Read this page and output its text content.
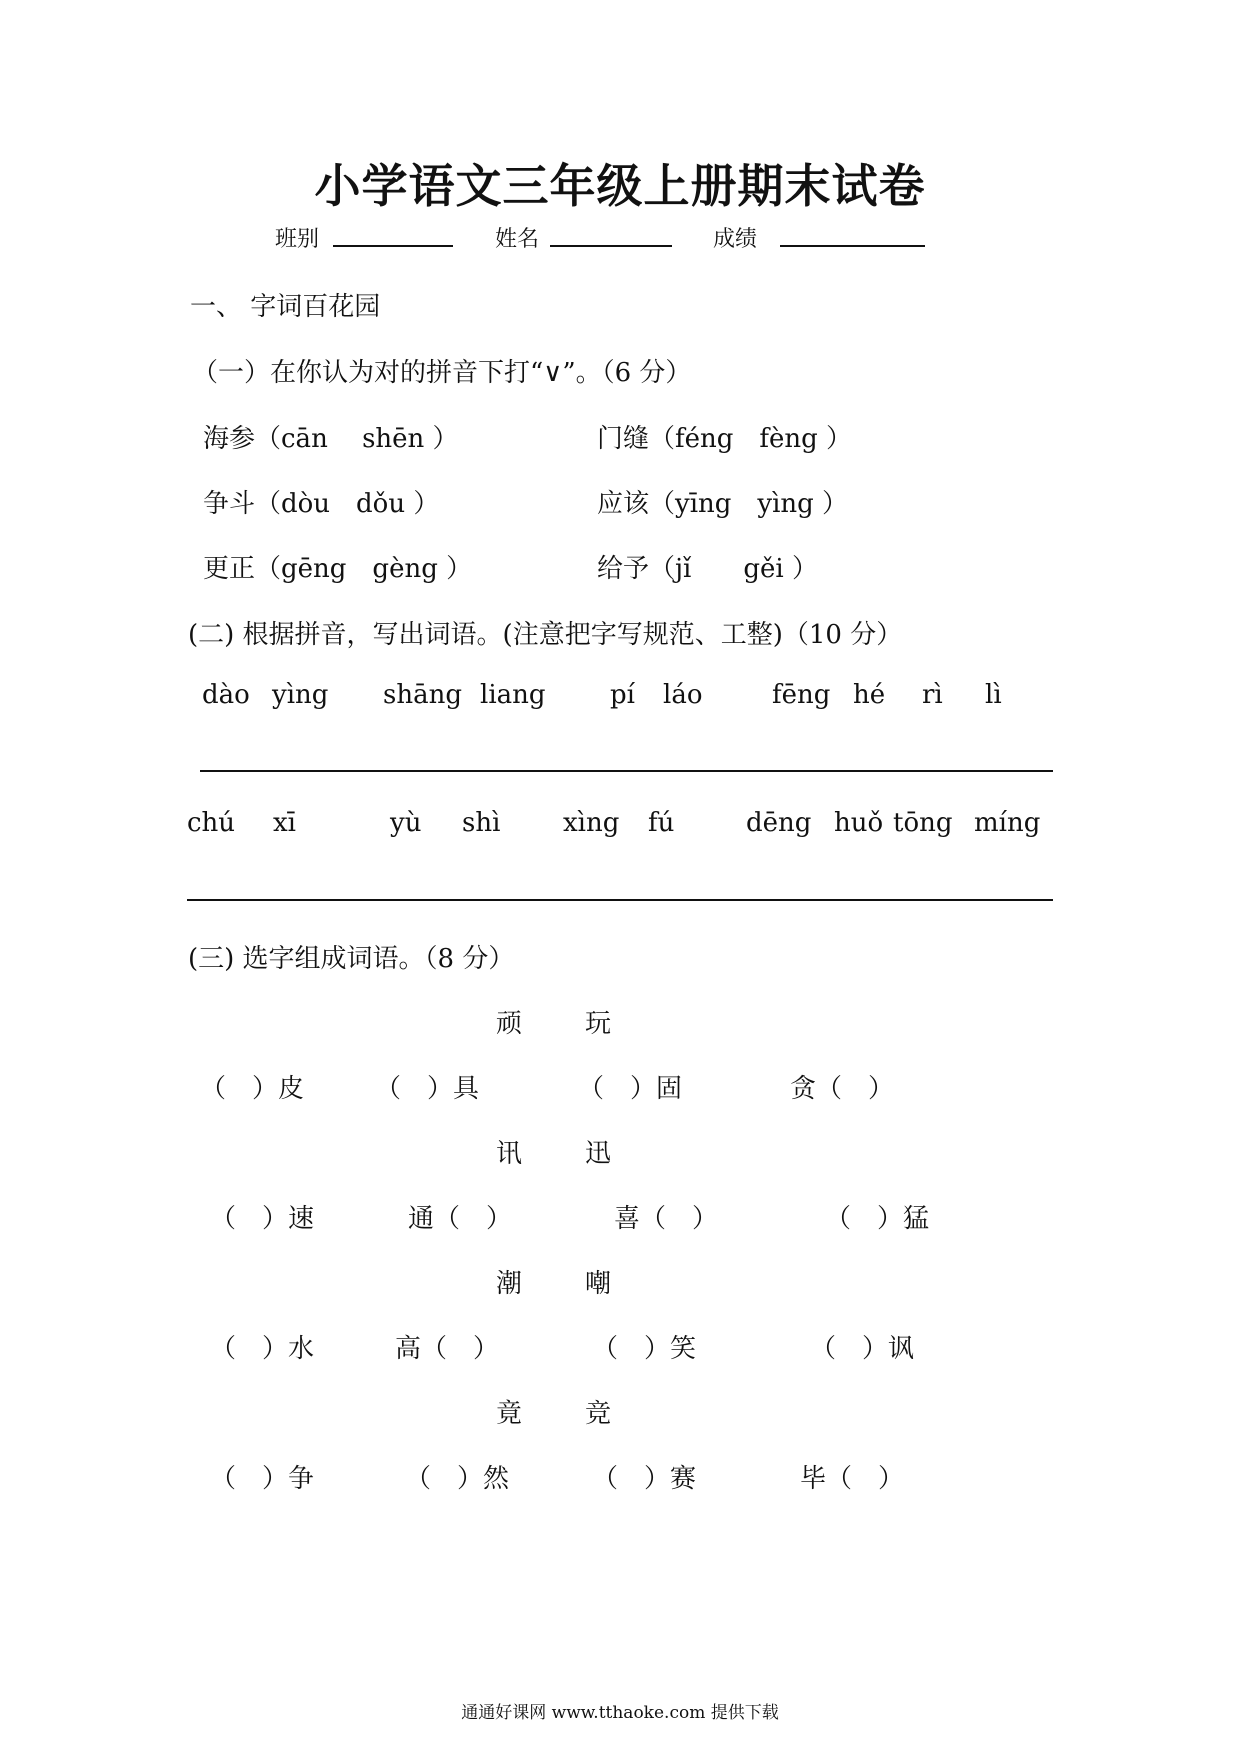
小学语文三年级上册期末试卷
班别	姓名	成绩
一、 字词百花园
（一）在你认为对的拼音下打“∨”。（6 分）
海参（cān　 shēn ）	门缝（féng　fèng ）
争斗（dòu　dǒu ）	应该（yīng　yìng ）
更正（gēng　gèng ）	给予（jǐ　　gěi ）
(二) 根据拼音，写出词语。(注意把字写规范、工整)（10 分）
dào yìng shāng liang pí láo	fēng hé rì lì
chú xī	yù shì xìng fú	dēng huǒ tōng míng
(三) 选字组成词语。（8 分）
顽 玩
（　）皮	（　）具	（　）固	贪（　）
讯 迅
（　）速	通（　）	喜（　）	（　）猛
潮 嘲
（　）水	高（　）	（　）笑	（　）讽
竟 竞
（　）争	（　）然	（　）赛	毕（　）
通通好课网 www.tthaoke.com 提供下载
